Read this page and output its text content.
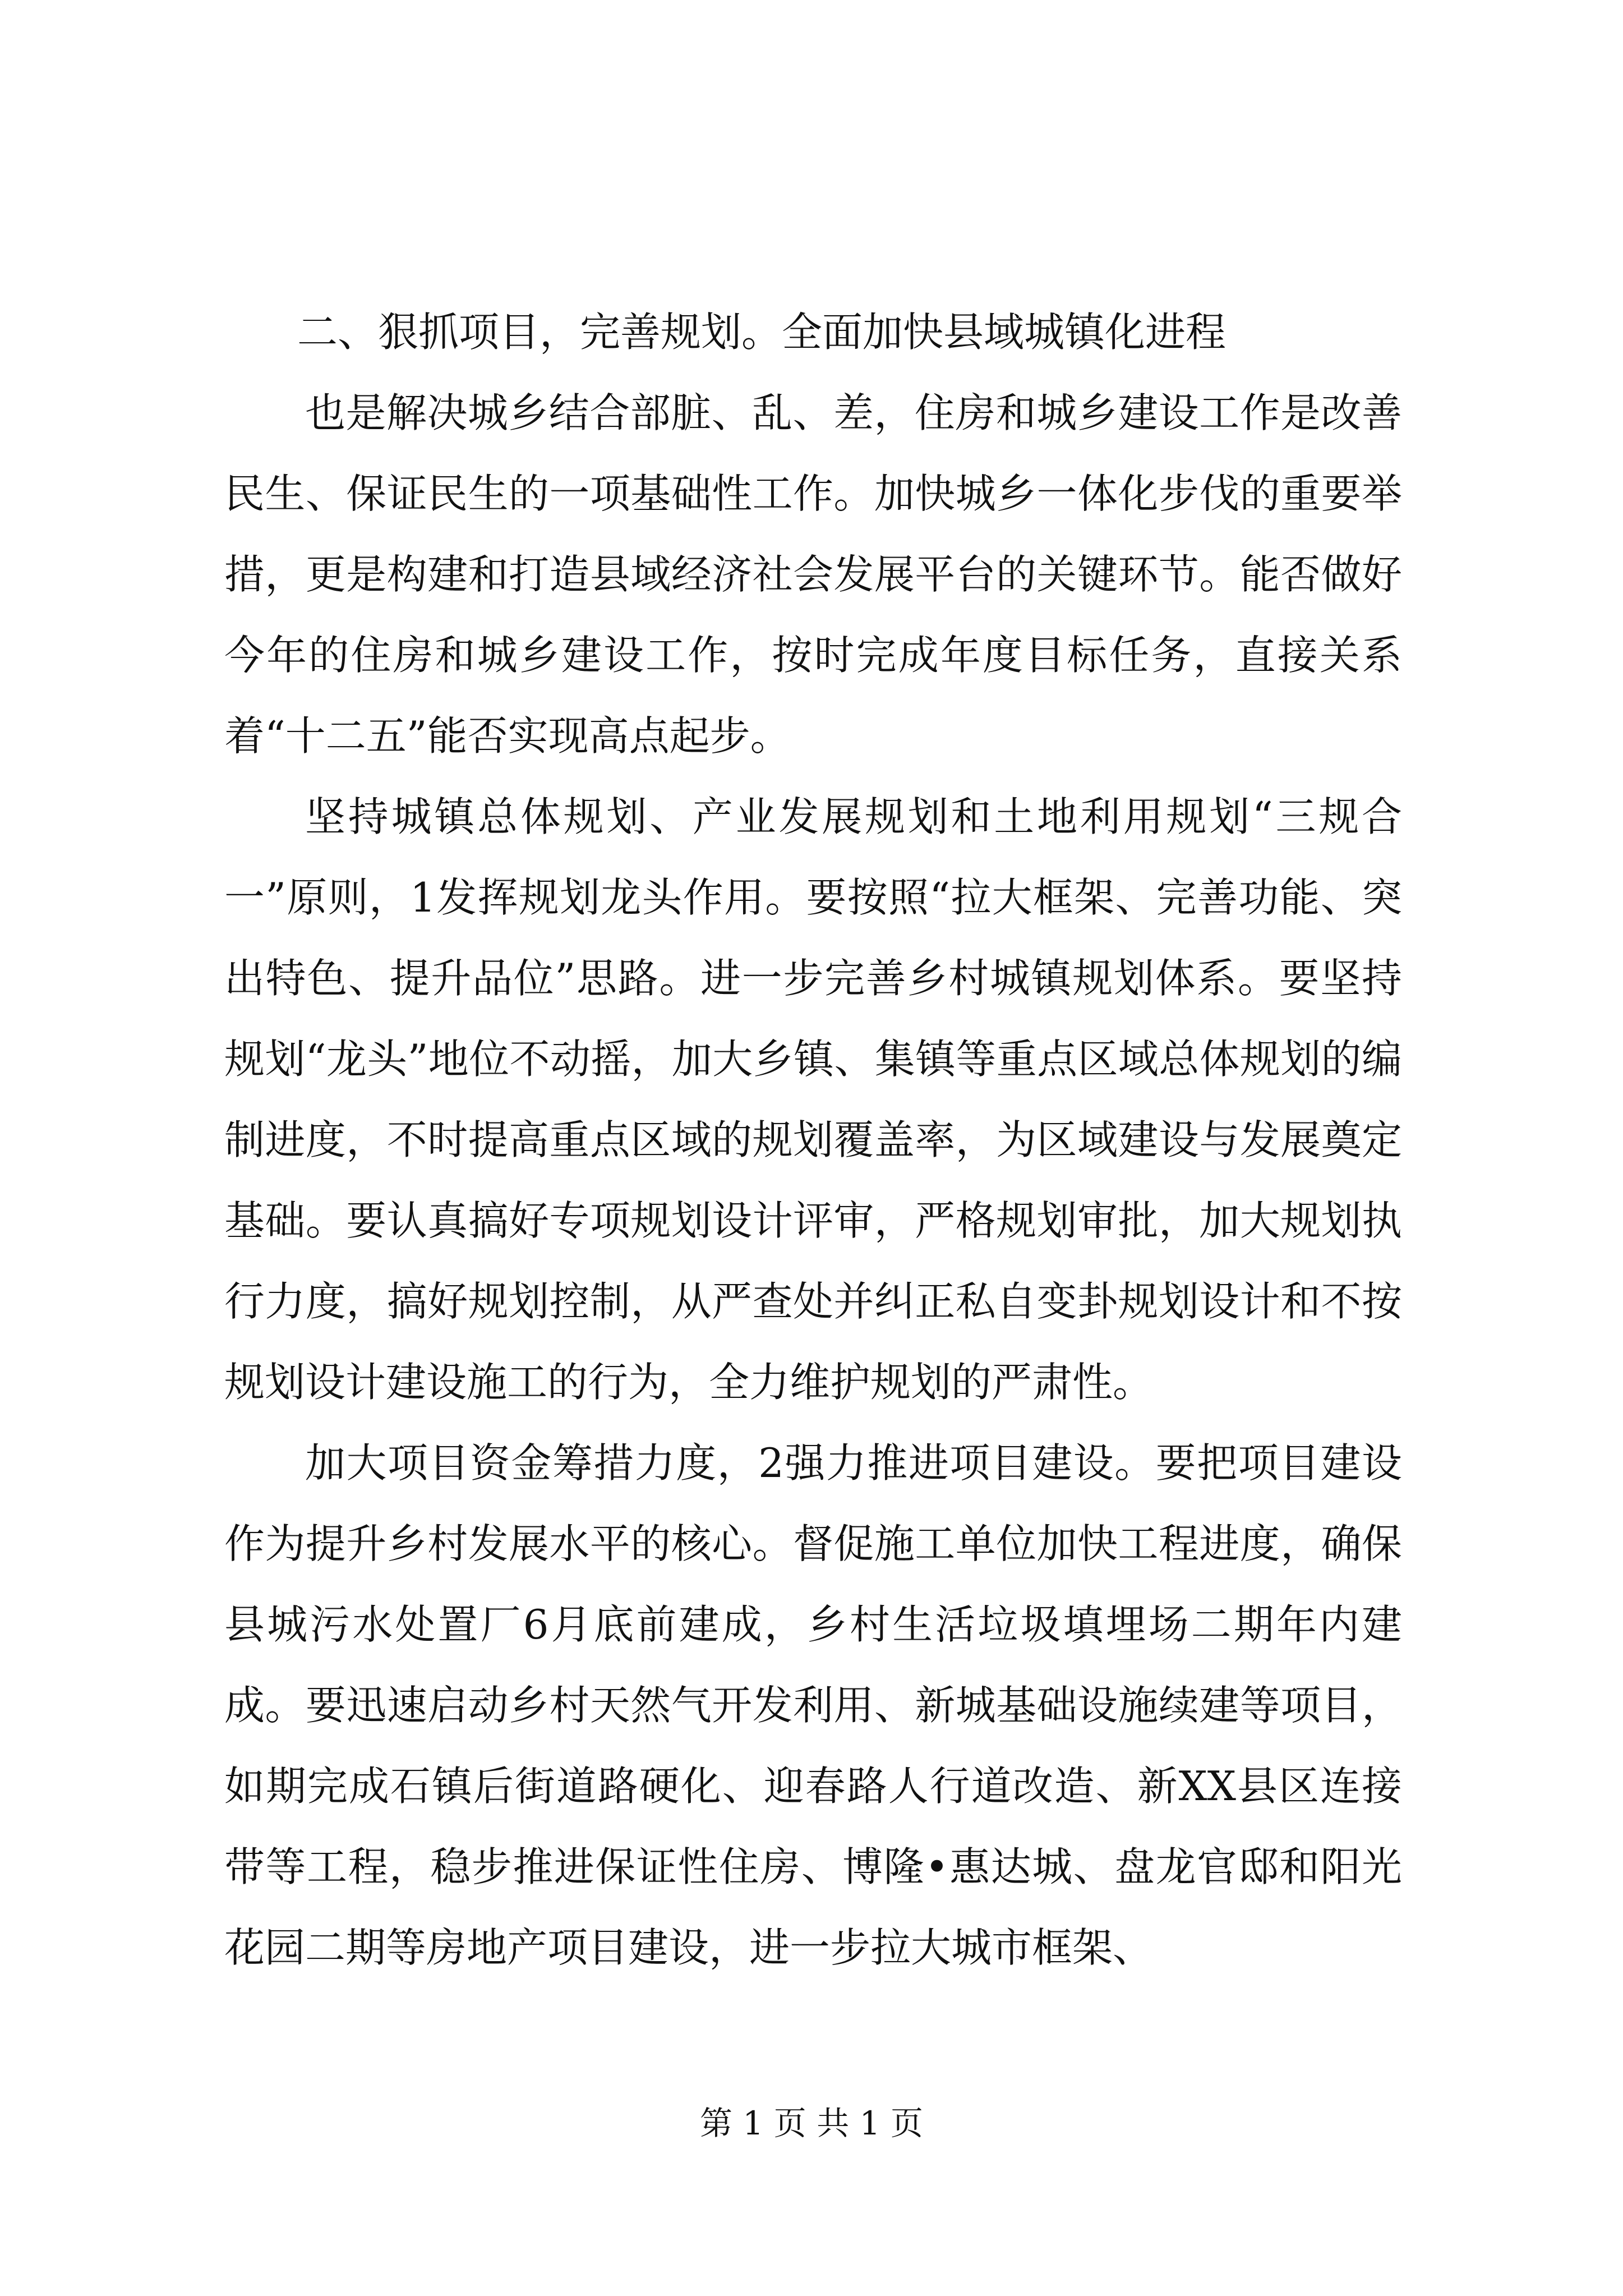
二、狠抓项目，完善规划。全面加快县域城镇化进程

也是解决城乡结合部脏、乱、差，住房和城乡建设工作是改善民生、保证民生的一项基础性工作。加快城乡一体化步伐的重要举措，更是构建和打造县域经济社会发展平台的关键环节。能否做好今年的住房和城乡建设工作，按时完成年度目标任务，直接关系着“十二五”能否实现高点起步。

坚持城镇总体规划、产业发展规划和土地利用规划“三规合一”原则，1发挥规划龙头作用。要按照“拉大框架、完善功能、突出特色、提升品位”思路。进一步完善乡村城镇规划体系。要坚持规划“龙头”地位不动摇，加大乡镇、集镇等重点区域总体规划的编制进度，不时提高重点区域的规划覆盖率，为区域建设与发展奠定基础。要认真搞好专项规划设计评审，严格规划审批，加大规划执行力度，搞好规划控制，从严查处并纠正私自变卦规划设计和不按规划设计建设施工的行为，全力维护规划的严肃性。

加大项目资金筹措力度，2强力推进项目建设。要把项目建设作为提升乡村发展水平的核心。督促施工单位加快工程进度，确保县城污水处置厂6月底前建成，乡村生活垃圾填埋场二期年内建成。要迅速启动乡村天然气开发利用、新城基础设施续建等项目，如期完成石镇后街道路硬化、迎春路人行道改造、新XX县区连接带等工程，稳步推进保证性住房、博隆•惠达城、盘龙官邸和阳光花园二期等房地产项目建设，进一步拉大城市框架、

第 1 页 共 1 页
